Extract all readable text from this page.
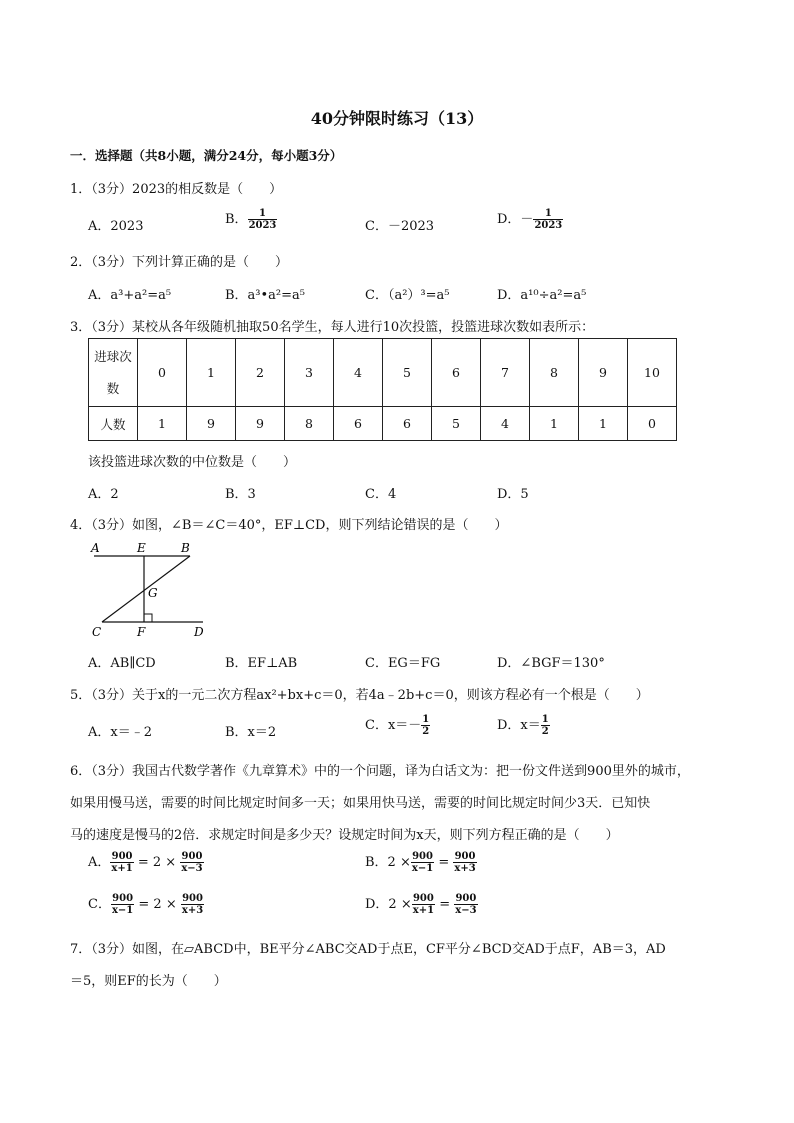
40分钟限时练习（13）
一．选择题（共8小题，满分24分，每小题3分）
1．（3分）2023的相反数是（　　）
A．2023	B． $\frac{1}{2023}$	C．－2023	D．－ $\frac{1}{2023}$
2．（3分）下列计算正确的是（　　）
A．a³+a²=a⁵	B．a³•a²=a⁵	C．（a²）³=a⁵	D．a¹⁰÷a²=a⁵
3．（3分）某校从各年级随机抽取50名学生，每人进行10次投篮，投篮进球次数如表所示：
进球次数	0	1	2	3	4	5	6	7	8	9	10
人数	1	9	9	8	6	6	5	4	1	1	0
该投篮进球次数的中位数是（　　）
A．2	B．3	C．4	D．5
4．（3分）如图，∠B＝∠C＝40°，EF⊥CD，则下列结论错误的是（　　）
A	E	B
G
C	F	D
A．AB∥CD	B．EF⊥AB	C．EG＝FG	D．∠BGF＝130°
5．（3分）关于x的一元二次方程ax²+bx+c＝0，若4a﹣2b+c＝0，则该方程必有一个根是（　　）
A．x＝﹣2	B．x＝2	C．$x=- \frac{1}{2}$	D．$x= \frac{1}{2}$
6．（3分）我国古代数学著作《九章算术》中的一个问题，译为白话文为：把一份文件送到900里外的城市，
如果用慢马送，需要的时间比规定时间多一天；如果用快马送，需要的时间比规定时间少3天．已知快
马的速度是慢马的2倍．求规定时间是多少天？设规定时间为x天，则下列方程正确的是（　　）
A． $\frac{900}{x+1} = 2 \times \frac{900}{x-3}$	B．$2 \times \frac{900}{x-1} = \frac{900}{x+3}$
C． $\frac{900}{x-1} = 2 \times \frac{900}{x+3}$	D．$2 \times \frac{900}{x+1} = \frac{900}{x-3}$
7．（3分）如图，在▱ABCD中，BE平分∠ABC交AD于点E，CF平分∠BCD交AD于点F，AB＝3，AD
＝5，则EF的长为（　　）
